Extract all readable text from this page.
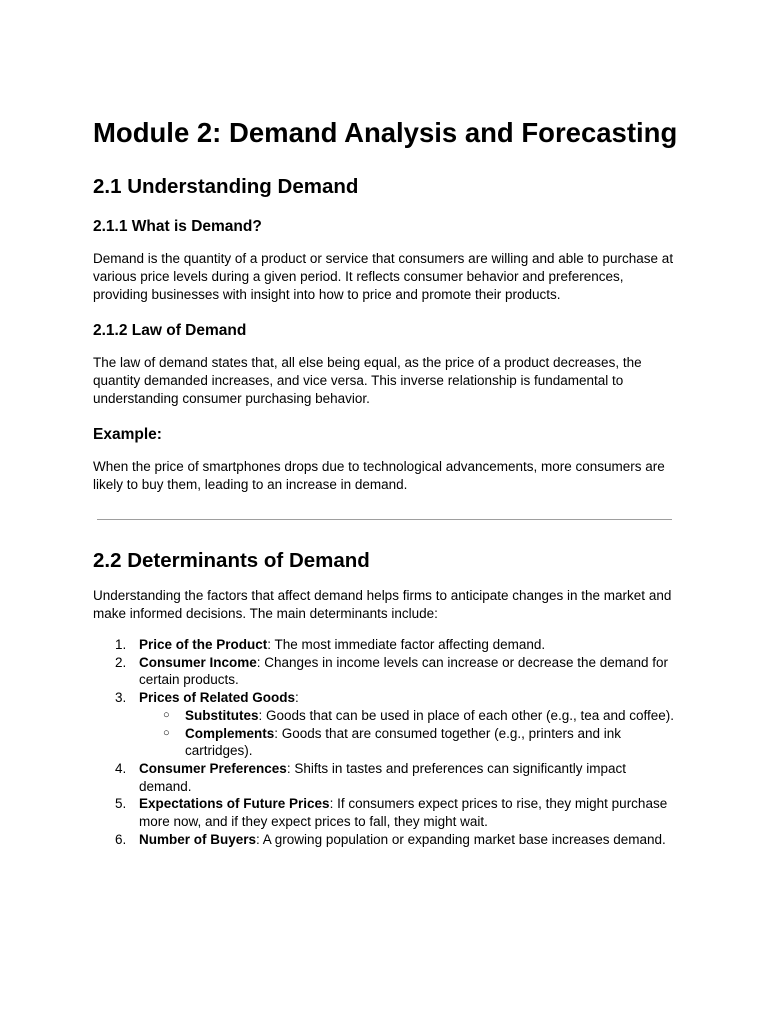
Module 2: Demand Analysis and Forecasting
2.1 Understanding Demand
2.1.1 What is Demand?

Demand is the quantity of a product or service that consumers are willing and able to purchase at various price levels during a given period. It reflects consumer behavior and preferences, providing businesses with insight into how to price and promote their products.

2.1.2 Law of Demand

The law of demand states that, all else being equal, as the price of a product decreases, the quantity demanded increases, and vice versa. This inverse relationship is fundamental to understanding consumer purchasing behavior.

Example:

When the price of smartphones drops due to technological advancements, more consumers are likely to buy them, leading to an increase in demand.

2.2 Determinants of Demand

Understanding the factors that affect demand helps firms to anticipate changes in the market and make informed decisions. The main determinants include:

1. Price of the Product: The most immediate factor affecting demand.
2. Consumer Income: Changes in income levels can increase or decrease the demand for certain products.
3. Prices of Related Goods:
○ Substitutes: Goods that can be used in place of each other (e.g., tea and coffee).
○ Complements: Goods that are consumed together (e.g., printers and ink cartridges).
4. Consumer Preferences: Shifts in tastes and preferences can significantly impact demand.
5. Expectations of Future Prices: If consumers expect prices to rise, they might purchase more now, and if they expect prices to fall, they might wait.
6. Number of Buyers: A growing population or expanding market base increases demand.
